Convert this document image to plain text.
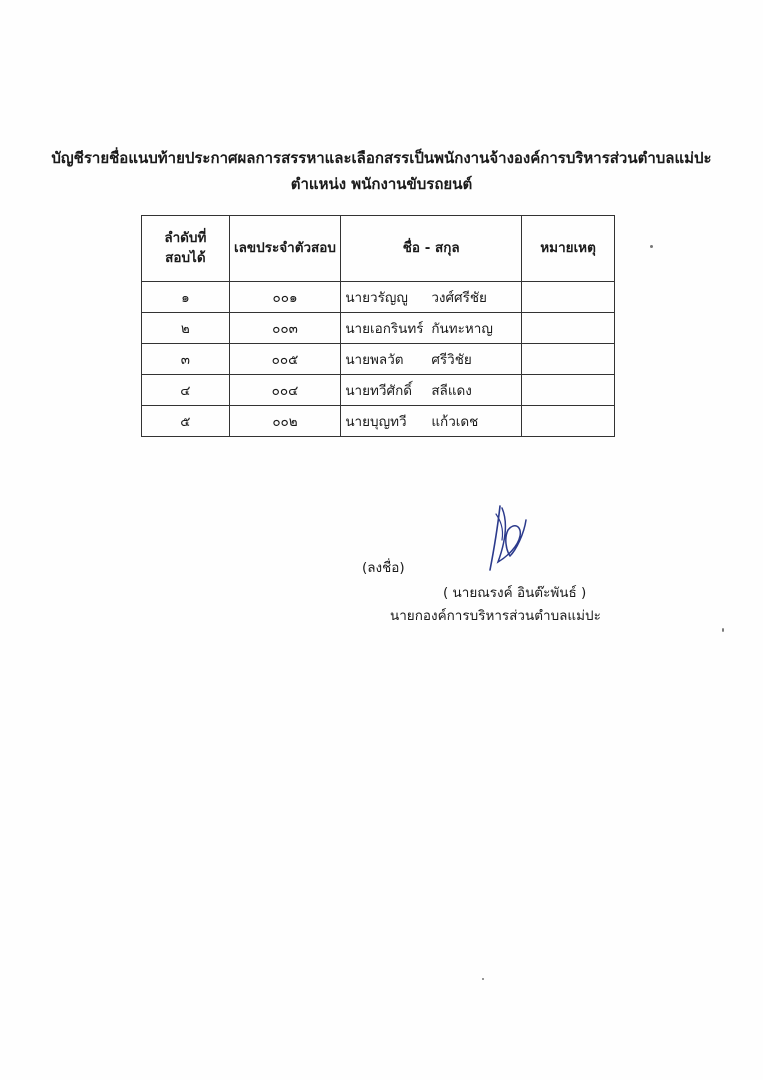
บัญชีรายชื่อแนบท้ายประกาศผลการสรรหาและเลือกสรรเป็นพนักงานจ้างองค์การบริหารส่วนตำบลแม่ปะ
ตำแหน่ง พนักงานขับรถยนต์
ลำดับที่
สอบได้	เลขประจำตัวสอบ	ชื่อ - สกุล	หมายเหตุ
๑	๐๐๑	นายวรัญญู วงศ์ศรีชัย	
๒	๐๐๓	นายเอกรินทร์ กันทะหาญ	
๓	๐๐๕	นายพลวัต ศรีวิชัย	
๔	๐๐๔	นายทวีศักดิ์ สลีแดง	
๕	๐๐๒	นายบุญทวี แก้วเดช	
(ลงชื่อ)
( นายณรงค์ อินต๊ะพันธ์ )
นายกองค์การบริหารส่วนตำบลแม่ปะ
